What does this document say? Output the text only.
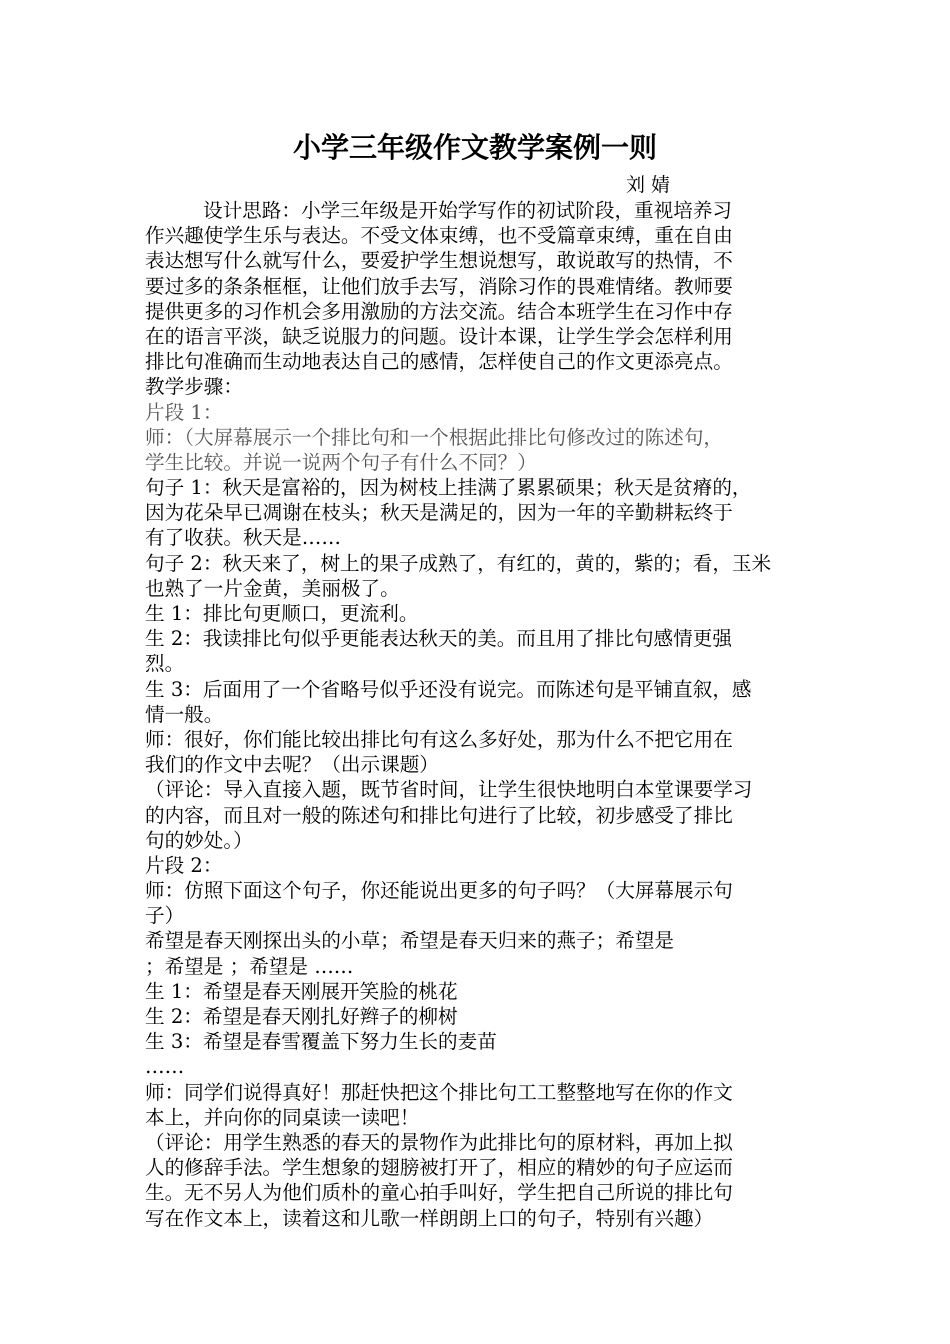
小学三年级作文教学案例一则
刘 婧
设计思路：小学三年级是开始学写作的初试阶段，重视培养习
作兴趣使学生乐与表达。不受文体束缚，也不受篇章束缚，重在自由
表达想写什么就写什么，要爱护学生想说想写，敢说敢写的热情，不
要过多的条条框框，让他们放手去写，消除习作的畏难情绪。教师要
提供更多的习作机会多用激励的方法交流。结合本班学生在习作中存
在的语言平淡，缺乏说服力的问题。设计本课，让学生学会怎样利用
排比句准确而生动地表达自己的感情，怎样使自己的作文更添亮点。
教学步骤：
片段 1：
师：（大屏幕展示一个排比句和一个根据此排比句修改过的陈述句，
学生比较。并说一说两个句子有什么不同？）
句子 1：秋天是富裕的，因为树枝上挂满了累累硕果；秋天是贫瘠的，
因为花朵早已凋谢在枝头；秋天是满足的，因为一年的辛勤耕耘终于
有了收获。秋天是……
句子 2：秋天来了，树上的果子成熟了，有红的，黄的，紫的；看，玉米
也熟了一片金黄，美丽极了。
生 1：排比句更顺口，更流利。
生 2：我读排比句似乎更能表达秋天的美。而且用了排比句感情更强
烈。
生 3：后面用了一个省略号似乎还没有说完。而陈述句是平铺直叙，感
情一般。
师：很好，你们能比较出排比句有这么多好处，那为什么不把它用在
我们的作文中去呢？（出示课题）
（评论：导入直接入题，既节省时间，让学生很快地明白本堂课要学习
的内容，而且对一般的陈述句和排比句进行了比较，初步感受了排比
句的妙处。）
片段 2：
师：仿照下面这个句子，你还能说出更多的句子吗？（大屏幕展示句
子）
希望是春天刚探出头的小草；希望是春天归来的燕子；希望是
；希望是 ；希望是 ……
生 1：希望是春天刚展开笑脸的桃花
生 2：希望是春天刚扎好辫子的柳树
生 3：希望是春雪覆盖下努力生长的麦苗
……
师：同学们说得真好！那赶快把这个排比句工工整整地写在你的作文
本上，并向你的同桌读一读吧！
（评论：用学生熟悉的春天的景物作为此排比句的原材料，再加上拟
人的修辞手法。学生想象的翅膀被打开了，相应的精妙的句子应运而
生。无不另人为他们质朴的童心拍手叫好，学生把自己所说的排比句
写在作文本上，读着这和儿歌一样朗朗上口的句子，特别有兴趣）
